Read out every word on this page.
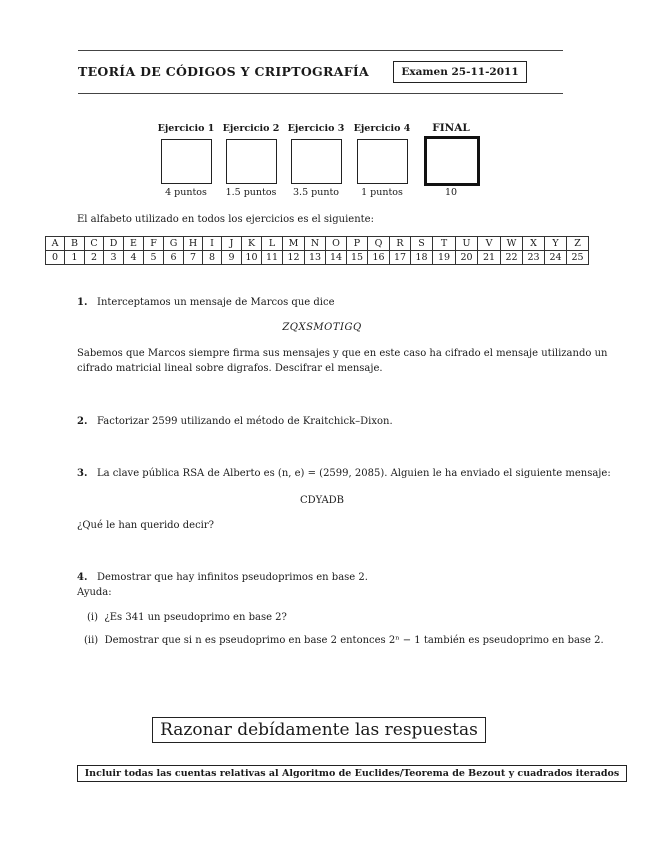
TEORÍA DE CÓDIGOS Y CRIPTOGRAFÍA	Examen 25-11-2011
Ejercicio 1
4 puntos
Ejercicio 2
1.5 puntos
Ejercicio 3
3.5 punto
Ejercicio 4
1 puntos
FINAL
10
El alfabeto utilizado en todos los ejercicios es el siguiente:
A	B	C	D	E	F	G	H	I	J	K	L	M	N	O	P	Q	R	S	T	U	V	W	X	Y	Z
0	1	2	3	4	5	6	7	8	9	10	11	12	13	14	15	16	17	18	19	20	21	22	23	24	25
1. Interceptamos un mensaje de Marcos que dice
ZQXSMOTIGQ
Sabemos que Marcos siempre firma sus mensajes y que en este caso ha cifrado el mensaje utilizando un
cifrado matricial lineal sobre digrafos. Descifrar el mensaje.
2. Factorizar 2599 utilizando el método de Kraitchick–Dixon.
3. La clave pública RSA de Alberto es (n, e) = (2599, 2085). Alguien le ha enviado el siguiente mensaje:
CDYADB
¿Qué le han querido decir?
4. Demostrar que hay infinitos pseudoprimos en base 2.
Ayuda:
(i) ¿Es 341 un pseudoprimo en base 2?
(ii) Demostrar que si n es pseudoprimo en base 2 entonces 2ⁿ − 1 también es pseudoprimo en base 2.
Razonar debídamente las respuestas
Incluir todas las cuentas relativas al Algoritmo de Euclides/Teorema de Bezout y cuadrados iterados
